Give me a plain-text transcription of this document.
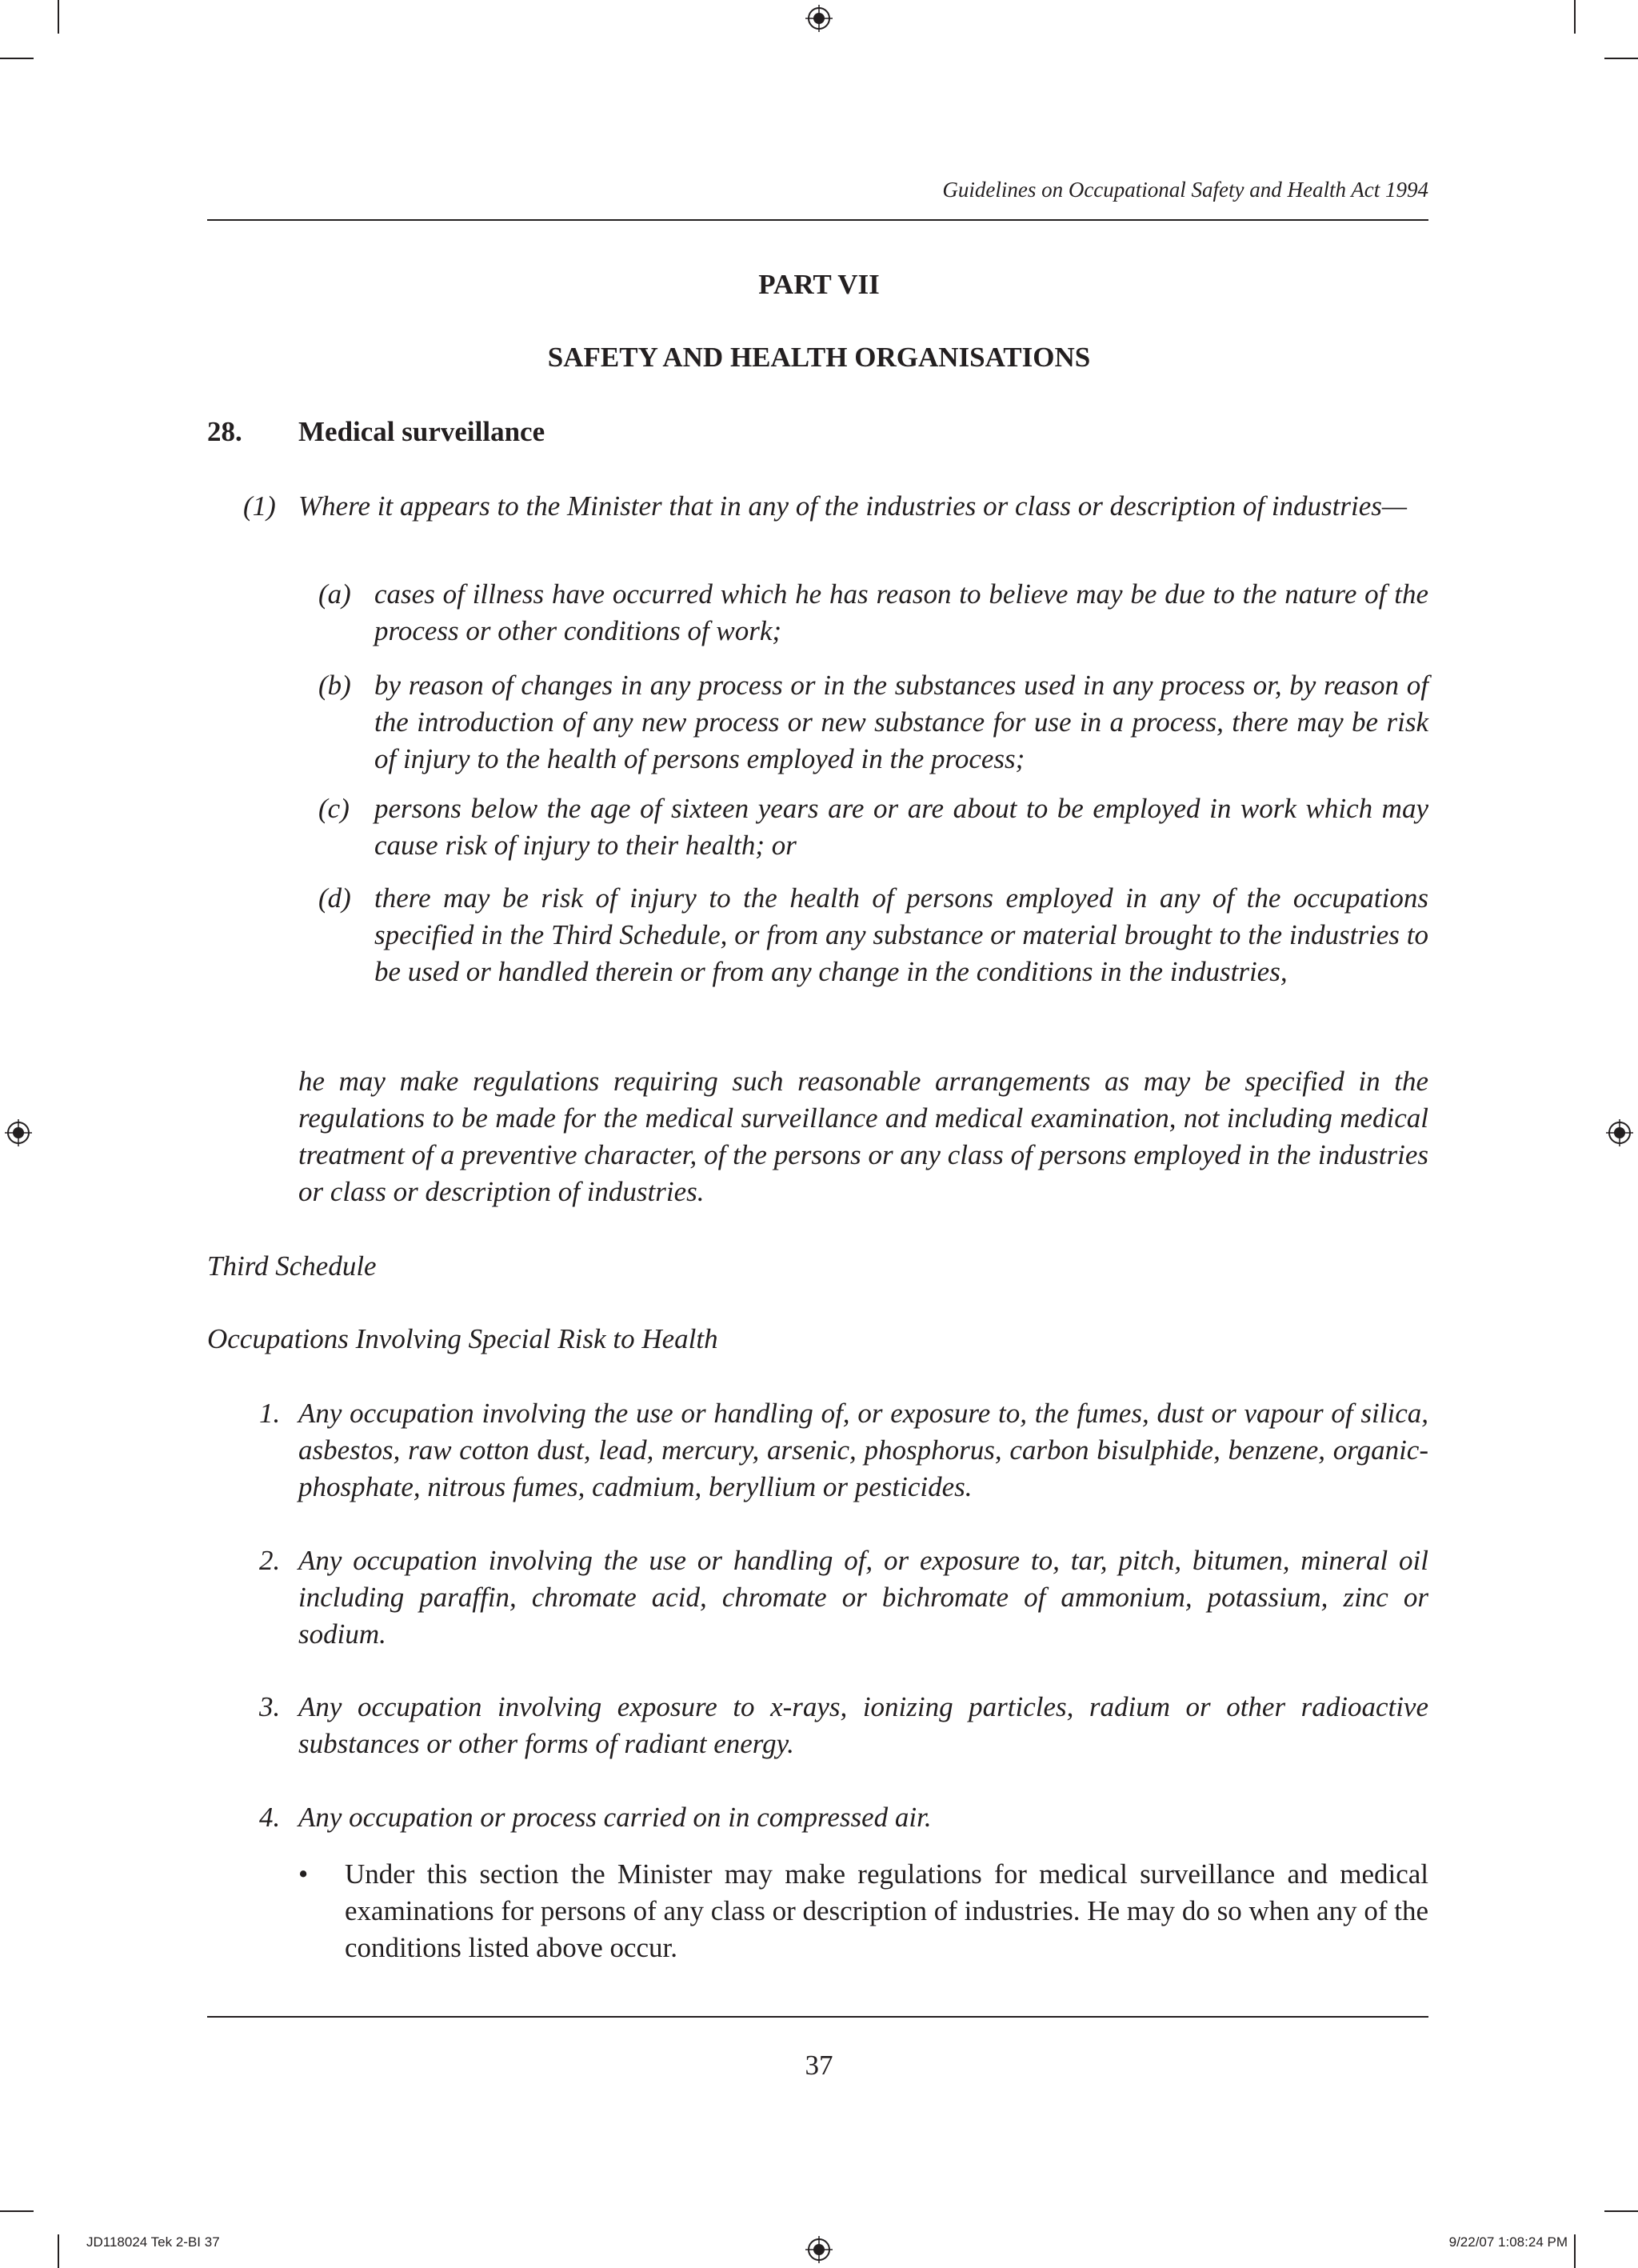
Guidelines on Occupational Safety and Health Act 1994
PART VII
SAFETY AND HEALTH ORGANISATIONS
28. Medical surveillance
(1) Where it appears to the Minister that in any of the industries or class or description of industries—
(a) cases of illness have occurred which he has reason to believe may be due to the nature of the process or other conditions of work;
(b) by reason of changes in any process or in the substances used in any process or, by reason of the introduction of any new process or new substance for use in a process, there may be risk of injury to the health of persons employed in the process;
(c) persons below the age of sixteen years are or are about to be employed in work which may cause risk of injury to their health; or
(d) there may be risk of injury to the health of persons employed in any of the occupations specified in the Third Schedule, or from any substance or material brought to the industries to be used or handled therein or from any change in the conditions in the industries,
he may make regulations requiring such reasonable arrangements as may be specified in the regulations to be made for the medical surveillance and medical examination, not including medical treatment of a preventive character, of the persons or any class of persons employed in the industries or class or description of industries.
Third Schedule
Occupations Involving Special Risk to Health
1. Any occupation involving the use or handling of, or exposure to, the fumes, dust or vapour of silica, asbestos, raw cotton dust, lead, mercury, arsenic, phosphorus, carbon bisulphide, benzene, organic-phosphate, nitrous fumes, cadmium, beryllium or pesticides.
2. Any occupation involving the use or handling of, or exposure to, tar, pitch, bitumen, mineral oil including paraffin, chromate acid, chromate or bichromate of ammonium, potassium, zinc or sodium.
3. Any occupation involving exposure to x-rays, ionizing particles, radium or other radioactive substances or other forms of radiant energy.
4. Any occupation or process carried on in compressed air.
• Under this section the Minister may make regulations for medical surveillance and medical examinations for persons of any class or description of industries. He may do so when any of the conditions listed above occur.
37
JD118024 Tek 2-BI 37	9/22/07 1:08:24 PM
